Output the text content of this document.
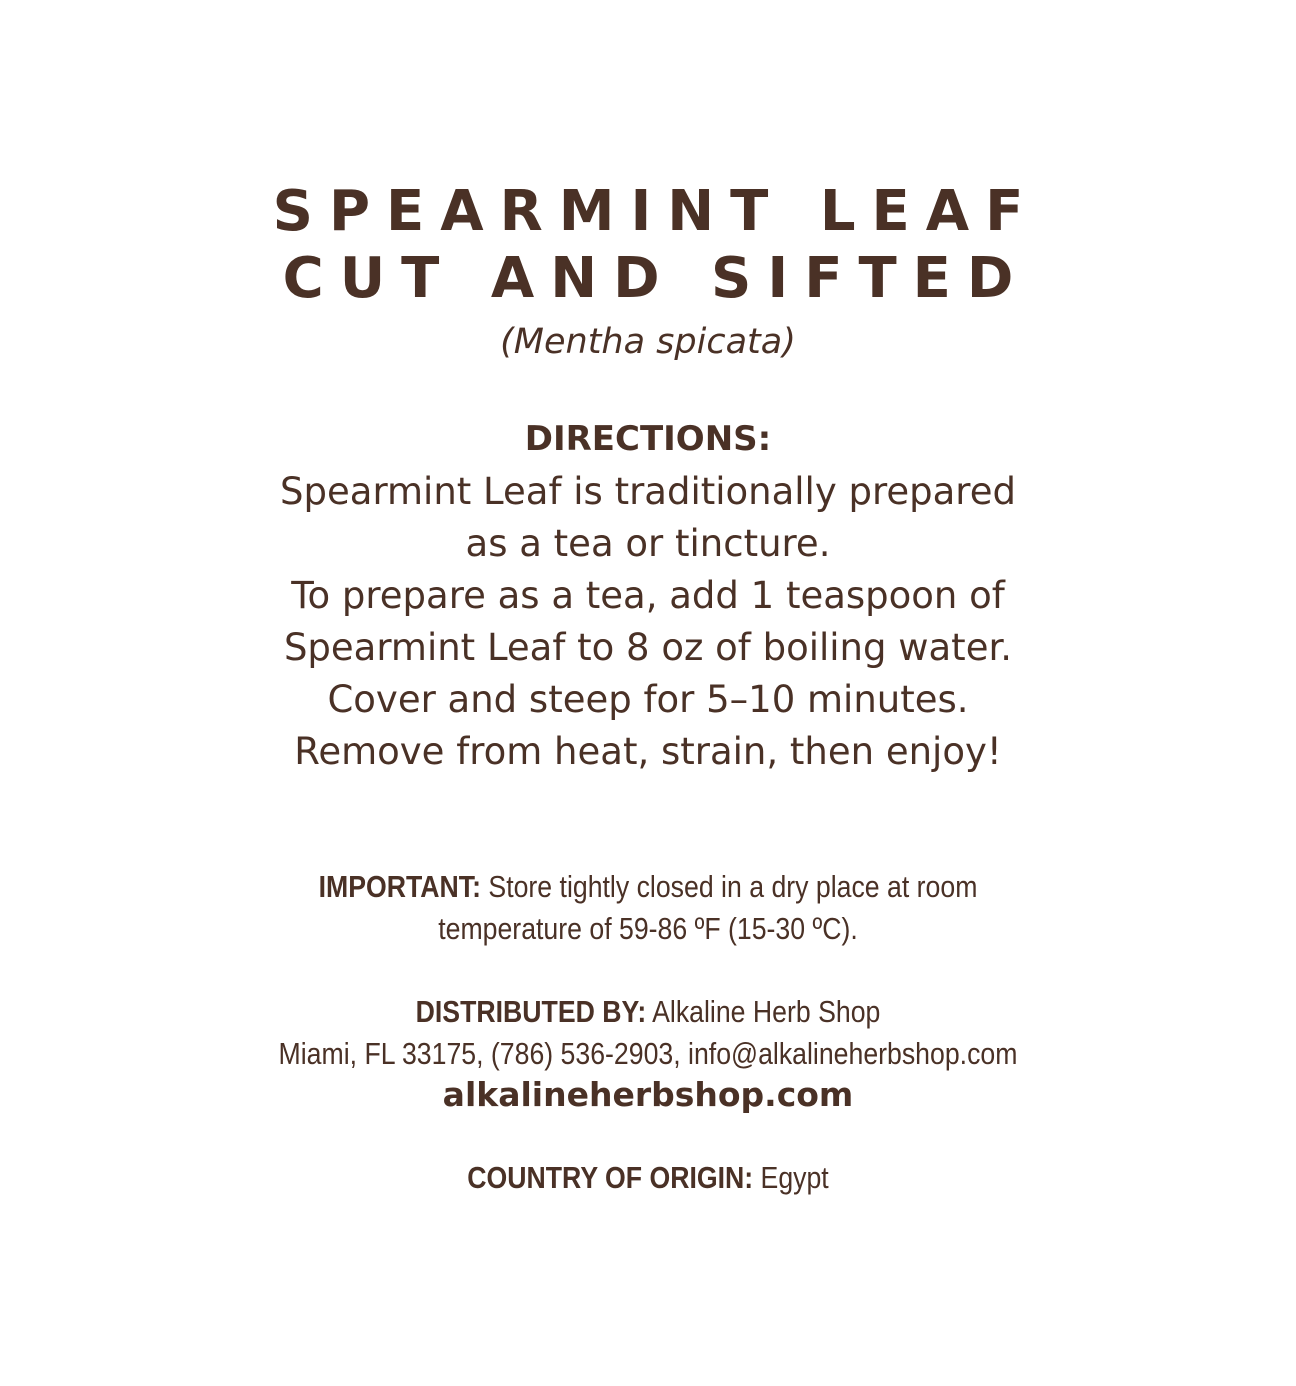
SPEARMINT LEAF
CUT AND SIFTED
(Mentha spicata)
DIRECTIONS:
Spearmint Leaf is traditionally prepared
as a tea or tincture.
To prepare as a tea, add 1 teaspoon of
Spearmint Leaf to 8 oz of boiling water.
Cover and steep for 5–10 minutes.
Remove from heat, strain, then enjoy!
IMPORTANT: Store tightly closed in a dry place at room
temperature of 59-86 ºF (15-30 ºC).
DISTRIBUTED BY: Alkaline Herb Shop
Miami, FL 33175, (786) 536-2903, info@alkalineherbshop.com
alkalineherbshop.com
COUNTRY OF ORIGIN: Egypt
